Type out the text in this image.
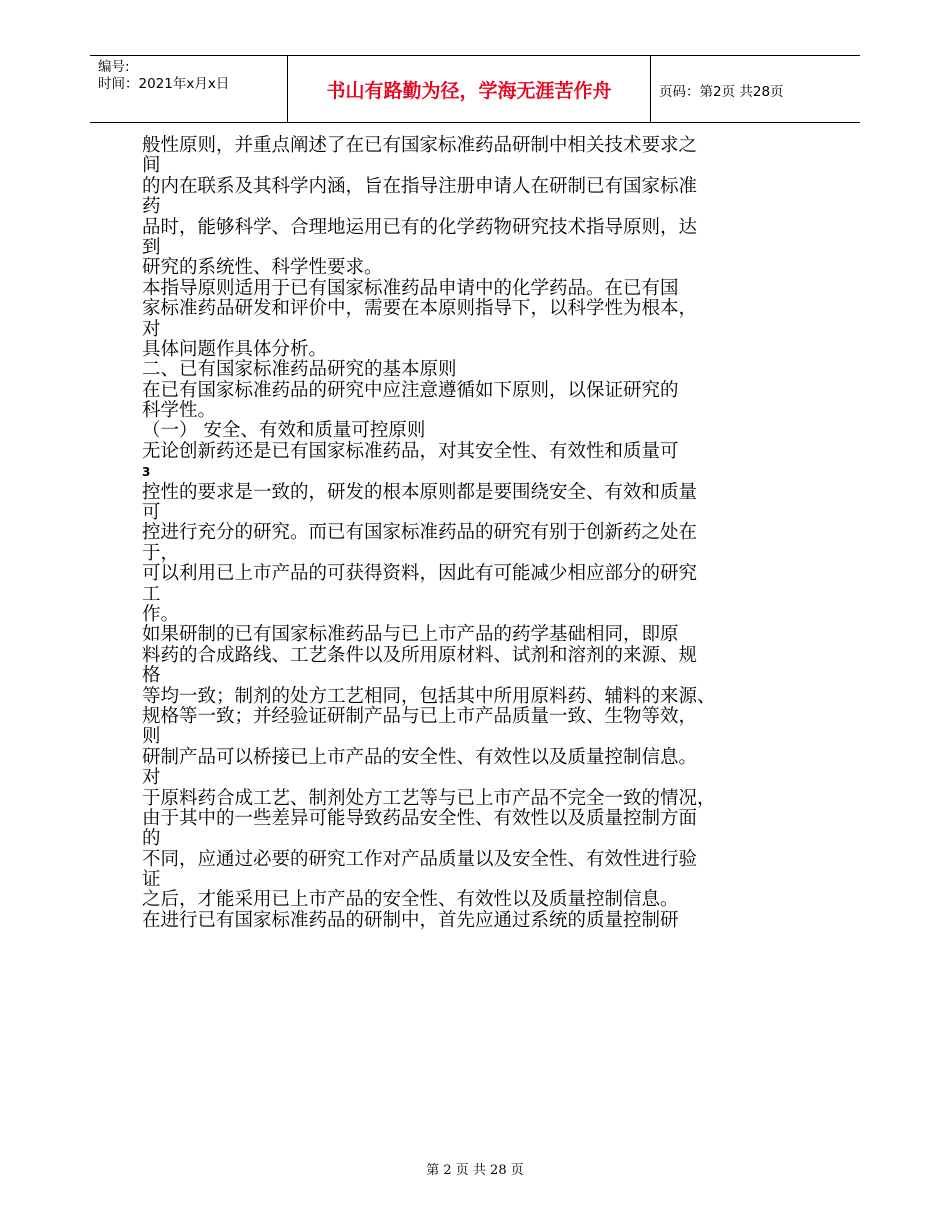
编号:
时间：2021年x月x日	书山有路勤为径，学海无涯苦作舟	页码：第2页 共28页
般性原则，并重点阐述了在已有国家标准药品研制中相关技术要求之
间
的内在联系及其科学内涵，旨在指导注册申请人在研制已有国家标准
药
品时，能够科学、合理地运用已有的化学药物研究技术指导原则，达
到
研究的系统性、科学性要求。
本指导原则适用于已有国家标准药品申请中的化学药品。在已有国
家标准药品研发和评价中，需要在本原则指导下，以科学性为根本，
对
具体问题作具体分析。
二、已有国家标准药品研究的基本原则
在已有国家标准药品的研究中应注意遵循如下原则，以保证研究的
科学性。
（一） 安全、有效和质量可控原则
无论创新药还是已有国家标准药品，对其安全性、有效性和质量可
3
控性的要求是一致的，研发的根本原则都是要围绕安全、有效和质量
可
控进行充分的研究。而已有国家标准药品的研究有别于创新药之处在
于，
可以利用已上市产品的可获得资料，因此有可能减少相应部分的研究
工
作。
如果研制的已有国家标准药品与已上市产品的药学基础相同，即原
料药的合成路线、工艺条件以及所用原材料、试剂和溶剂的来源、规
格
等均一致；制剂的处方工艺相同，包括其中所用原料药、辅料的来源、
规格等一致；并经验证研制产品与已上市产品质量一致、生物等效，
则
研制产品可以桥接已上市产品的安全性、有效性以及质量控制信息。
对
于原料药合成工艺、制剂处方工艺等与已上市产品不完全一致的情况，
由于其中的一些差异可能导致药品安全性、有效性以及质量控制方面
的
不同，应通过必要的研究工作对产品质量以及安全性、有效性进行验
证
之后，才能采用已上市产品的安全性、有效性以及质量控制信息。
在进行已有国家标准药品的研制中，首先应通过系统的质量控制研
第 2 页 共 28 页
